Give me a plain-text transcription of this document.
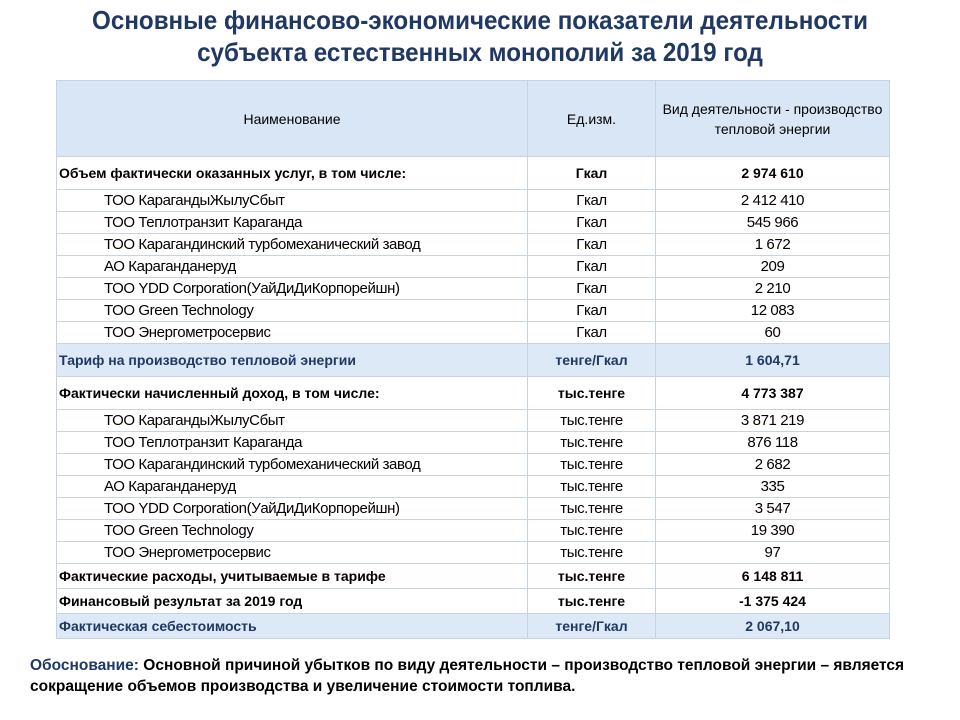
Основные финансово-экономические показатели деятельности
субъекта естественных монополий за 2019 год
Наименование	Ед.изм.	Вид деятельности - производство тепловой энергии
Объем фактически оказанных услуг, в том числе:	Гкал	2 974 610
ТОО КарагандыЖылуСбыт	Гкал	2 412 410
ТОО Теплотранзит Караганда	Гкал	545 966
ТОО Карагандинский турбомеханический завод	Гкал	1 672
АО Караганданеруд	Гкал	209
ТОО YDD Corporation(УайДиДиКорпорейшн)	Гкал	2 210
ТОО Green Technology	Гкал	12 083
ТОО Энергометросервис	Гкал	60
Тариф на производство тепловой энергии	тенге/Гкал	1 604,71
Фактически начисленный доход, в том числе:	тыс.тенге	4 773 387
ТОО КарагандыЖылуСбыт	тыс.тенге	3 871 219
ТОО Теплотранзит Караганда	тыс.тенге	876 118
ТОО Карагандинский турбомеханический завод	тыс.тенге	2 682
АО Караганданеруд	тыс.тенге	335
ТОО YDD Corporation(УайДиДиКорпорейшн)	тыс.тенге	3 547
ТОО Green Technology	тыс.тенге	19 390
ТОО Энергометросервис	тыс.тенге	97
Фактические расходы, учитываемые в тарифе	тыс.тенге	6 148 811
Финансовый результат за 2019 год	тыс.тенге	-1 375 424
Фактическая себестоимость	тенге/Гкал	2 067,10
Обоснование: Основной причиной убытков по виду деятельности – производство тепловой энергии – является сокращение объемов производства и увеличение стоимости топлива.
